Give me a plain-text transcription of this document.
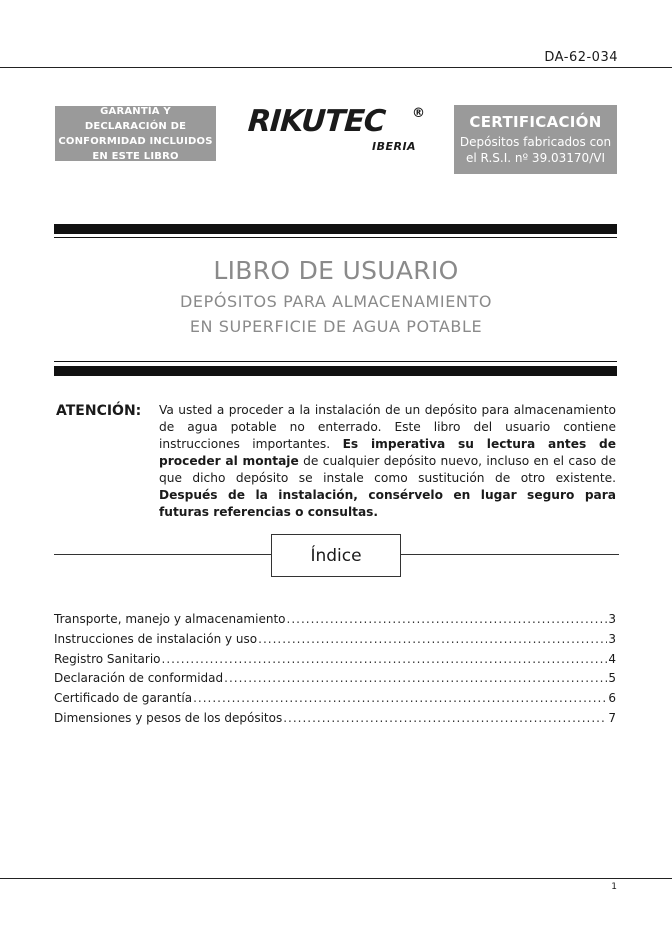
DA-62-034
GARANTÍA Y DECLARACIÓN DE CONFORMIDAD INCLUIDOS EN ESTE LIBRO
RIKUTEC ®
IBERIA
CERTIFICACIÓN
Depósitos fabricados con el R.S.I. nº 39.03170/VI
LIBRO DE USUARIO
DEPÓSITOS PARA ALMACENAMIENTO
EN SUPERFICIE DE AGUA POTABLE
ATENCIÓN: Va usted a proceder a la instalación de un depósito para almacenamiento de agua potable no enterrado. Este libro del usuario contiene instrucciones importantes. Es imperativa su lectura antes de proceder al montaje de cualquier depósito nuevo, incluso en el caso de que dicho depósito se instale como sustitución de otro existente. Después de la instalación, consérvelo en lugar seguro para futuras referencias o consultas.
Índice
Transporte, manejo y almacenamiento .....	3
Instrucciones de instalación y uso .....	3
Registro Sanitario .....	4
Declaración de conformidad .....	5
Certificado de garantía .....	6
Dimensiones y pesos de los depósitos .....	7
1
